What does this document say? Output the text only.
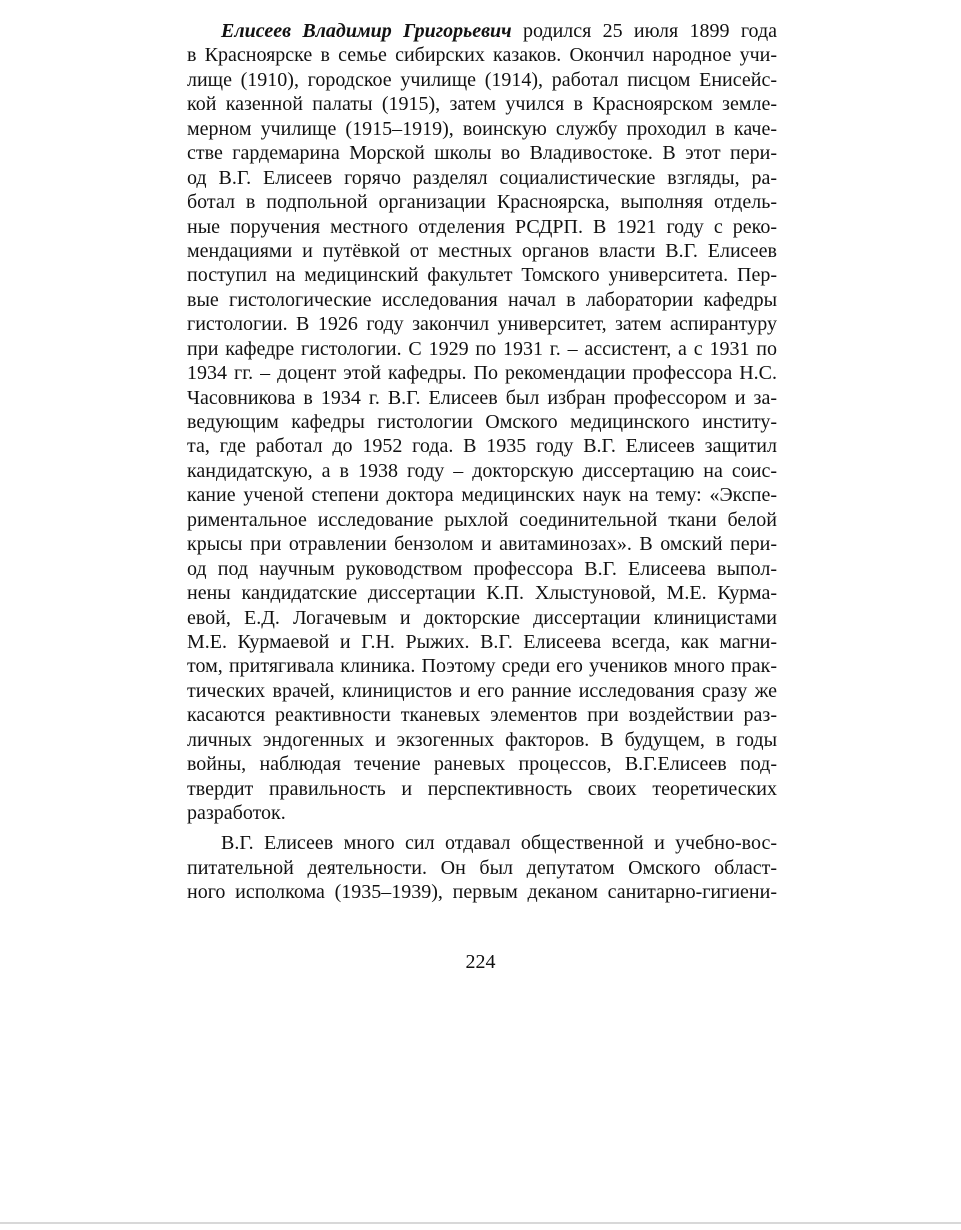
Елисеев Владимир Григорьевич родился 25 июля 1899 года
в Красноярске в семье сибирских казаков. Окончил народное учи-
лище (1910), городское училище (1914), работал писцом Енисейс-
кой казенной палаты (1915), затем учился в Красноярском земле-
мерном училище (1915–1919), воинскую службу проходил в каче-
стве гардемарина Морской школы во Владивостоке. В этот пери-
од В.Г. Елисеев горячо разделял социалистические взгляды, ра-
ботал в подпольной организации Красноярска, выполняя отдель-
ные поручения местного отделения РСДРП. В 1921 году с реко-
мендациями и путёвкой от местных органов власти В.Г. Елисеев
поступил на медицинский факультет Томского университета. Пер-
вые гистологические исследования начал в лаборатории кафедры
гистологии. В 1926 году закончил университет, затем аспирантуру
при кафедре гистологии. С 1929 по 1931 г. – ассистент, а с 1931 по
1934 гг. – доцент этой кафедры. По рекомендации профессора Н.С.
Часовникова в 1934 г. В.Г. Елисеев был избран профессором и за-
ведующим кафедры гистологии Омского медицинского институ-
та, где работал до 1952 года. В 1935 году В.Г. Елисеев защитил
кандидатскую, а в 1938 году – докторскую диссертацию на соис-
кание ученой степени доктора медицинских наук на тему: «Экспе-
риментальное исследование рыхлой соединительной ткани белой
крысы при отравлении бензолом и авитаминозах». В омский пери-
од под научным руководством профессора В.Г. Елисеева выпол-
нены кандидатские диссертации К.П. Хлыстуновой, М.Е. Курма-
евой, Е.Д. Логачевым и докторские диссертации клиницистами
М.Е. Курмаевой и Г.Н. Рыжих. В.Г. Елисеева всегда, как магни-
том, притягивала клиника. Поэтому среди его учеников много прак-
тических врачей, клиницистов и его ранние исследования сразу же
касаются реактивности тканевых элементов при воздействии раз-
личных эндогенных и экзогенных факторов. В будущем, в годы
войны, наблюдая течение раневых процессов, В.Г.Елисеев под-
твердит правильность и перспективность своих теоретических
разработок.
В.Г. Елисеев много сил отдавал общественной и учебно-вос-
питательной деятельности. Он был депутатом Омского област-
ного исполкома (1935–1939), первым деканом санитарно-гигиени-
224
